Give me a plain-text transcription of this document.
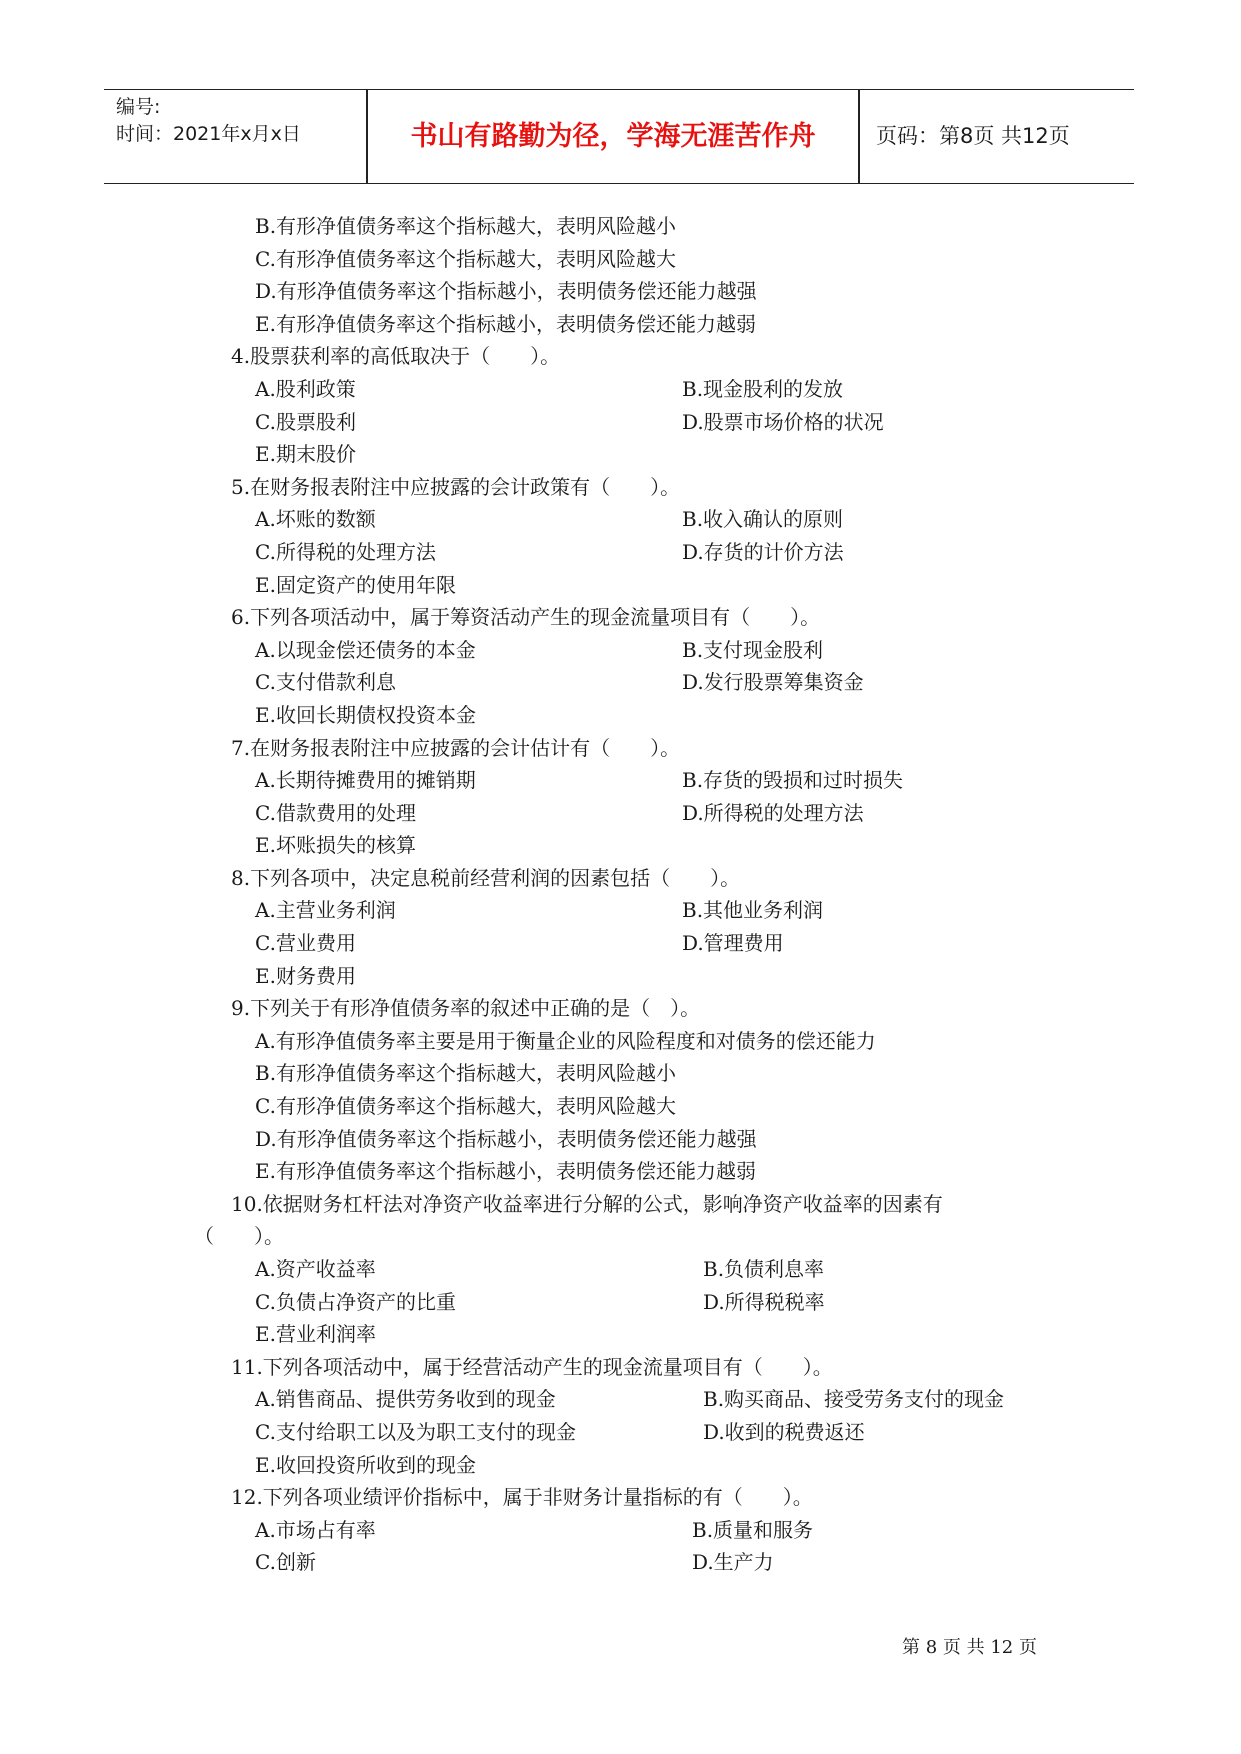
编号:
时间：2021年x月x日	书山有路勤为径，学海无涯苦作舟	页码：第8页 共12页
B.有形净值债务率这个指标越大，表明风险越小
C.有形净值债务率这个指标越大，表明风险越大
D.有形净值债务率这个指标越小，表明债务偿还能力越强
E.有形净值债务率这个指标越小，表明债务偿还能力越弱
4.股票获利率的高低取决于（　　）。
A.股利政策	B.现金股利的发放
C.股票股利	D.股票市场价格的状况
E.期末股价
5.在财务报表附注中应披露的会计政策有（　　）。
A.坏账的数额	B.收入确认的原则
C.所得税的处理方法	D.存货的计价方法
E.固定资产的使用年限
6.下列各项活动中，属于筹资活动产生的现金流量项目有（　　）。
A.以现金偿还债务的本金	B.支付现金股利
C.支付借款利息	D.发行股票筹集资金
E.收回长期债权投资本金
7.在财务报表附注中应披露的会计估计有（　　）。
A.长期待摊费用的摊销期	B.存货的毁损和过时损失
C.借款费用的处理	D.所得税的处理方法
E.坏账损失的核算
8.下列各项中，决定息税前经营利润的因素包括（　　）。
A.主营业务利润	B.其他业务利润
C.营业费用	D.管理费用
E.财务费用
9.下列关于有形净值债务率的叙述中正确的是（　）。
A.有形净值债务率主要是用于衡量企业的风险程度和对债务的偿还能力
B.有形净值债务率这个指标越大，表明风险越小
C.有形净值债务率这个指标越大，表明风险越大
D.有形净值债务率这个指标越小，表明债务偿还能力越强
E.有形净值债务率这个指标越小，表明债务偿还能力越弱
10.依据财务杠杆法对净资产收益率进行分解的公式，影响净资产收益率的因素有
（　　）。
A.资产收益率	B.负债利息率
C.负债占净资产的比重	D.所得税税率
E.营业利润率
11.下列各项活动中，属于经营活动产生的现金流量项目有（　　）。
A.销售商品、提供劳务收到的现金	B.购买商品、接受劳务支付的现金
C.支付给职工以及为职工支付的现金	D.收到的税费返还
E.收回投资所收到的现金
12.下列各项业绩评价指标中，属于非财务计量指标的有（　　）。
A.市场占有率	B.质量和服务
C.创新	D.生产力
第 8 页 共 12 页
